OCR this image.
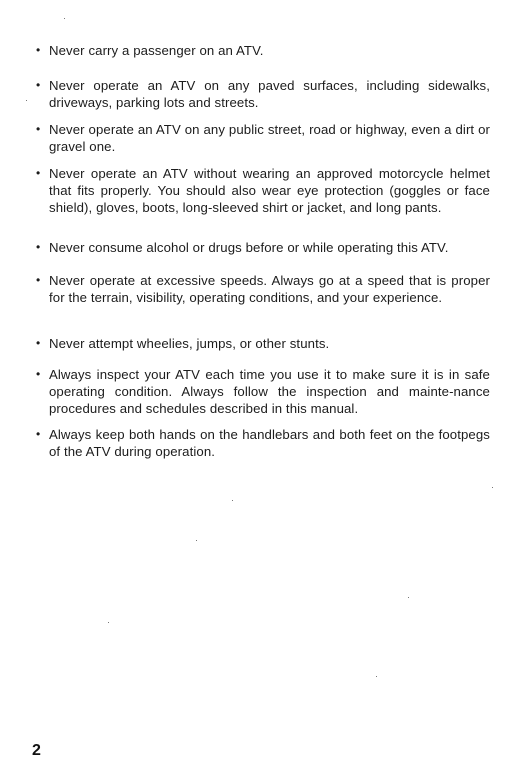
• Never carry a passenger on an ATV.
• Never operate an ATV on any paved surfaces, including sidewalks, driveways, parking lots and streets.
• Never operate an ATV on any public street, road or highway, even a dirt or gravel one.
• Never operate an ATV without wearing an approved motorcycle helmet that fits properly. You should also wear eye protection (goggles or face shield), gloves, boots, long-sleeved shirt or jacket, and long pants.
• Never consume alcohol or drugs before or while operating this ATV.
• Never operate at excessive speeds. Always go at a speed that is proper for the terrain, visibility, operating conditions, and your experience.
• Never attempt wheelies, jumps, or other stunts.
• Always inspect your ATV each time you use it to make sure it is in safe operating condition. Always follow the inspection and mainte-nance procedures and schedules described in this manual.
• Always keep both hands on the handlebars and both feet on the footpegs of the ATV during operation.
2
